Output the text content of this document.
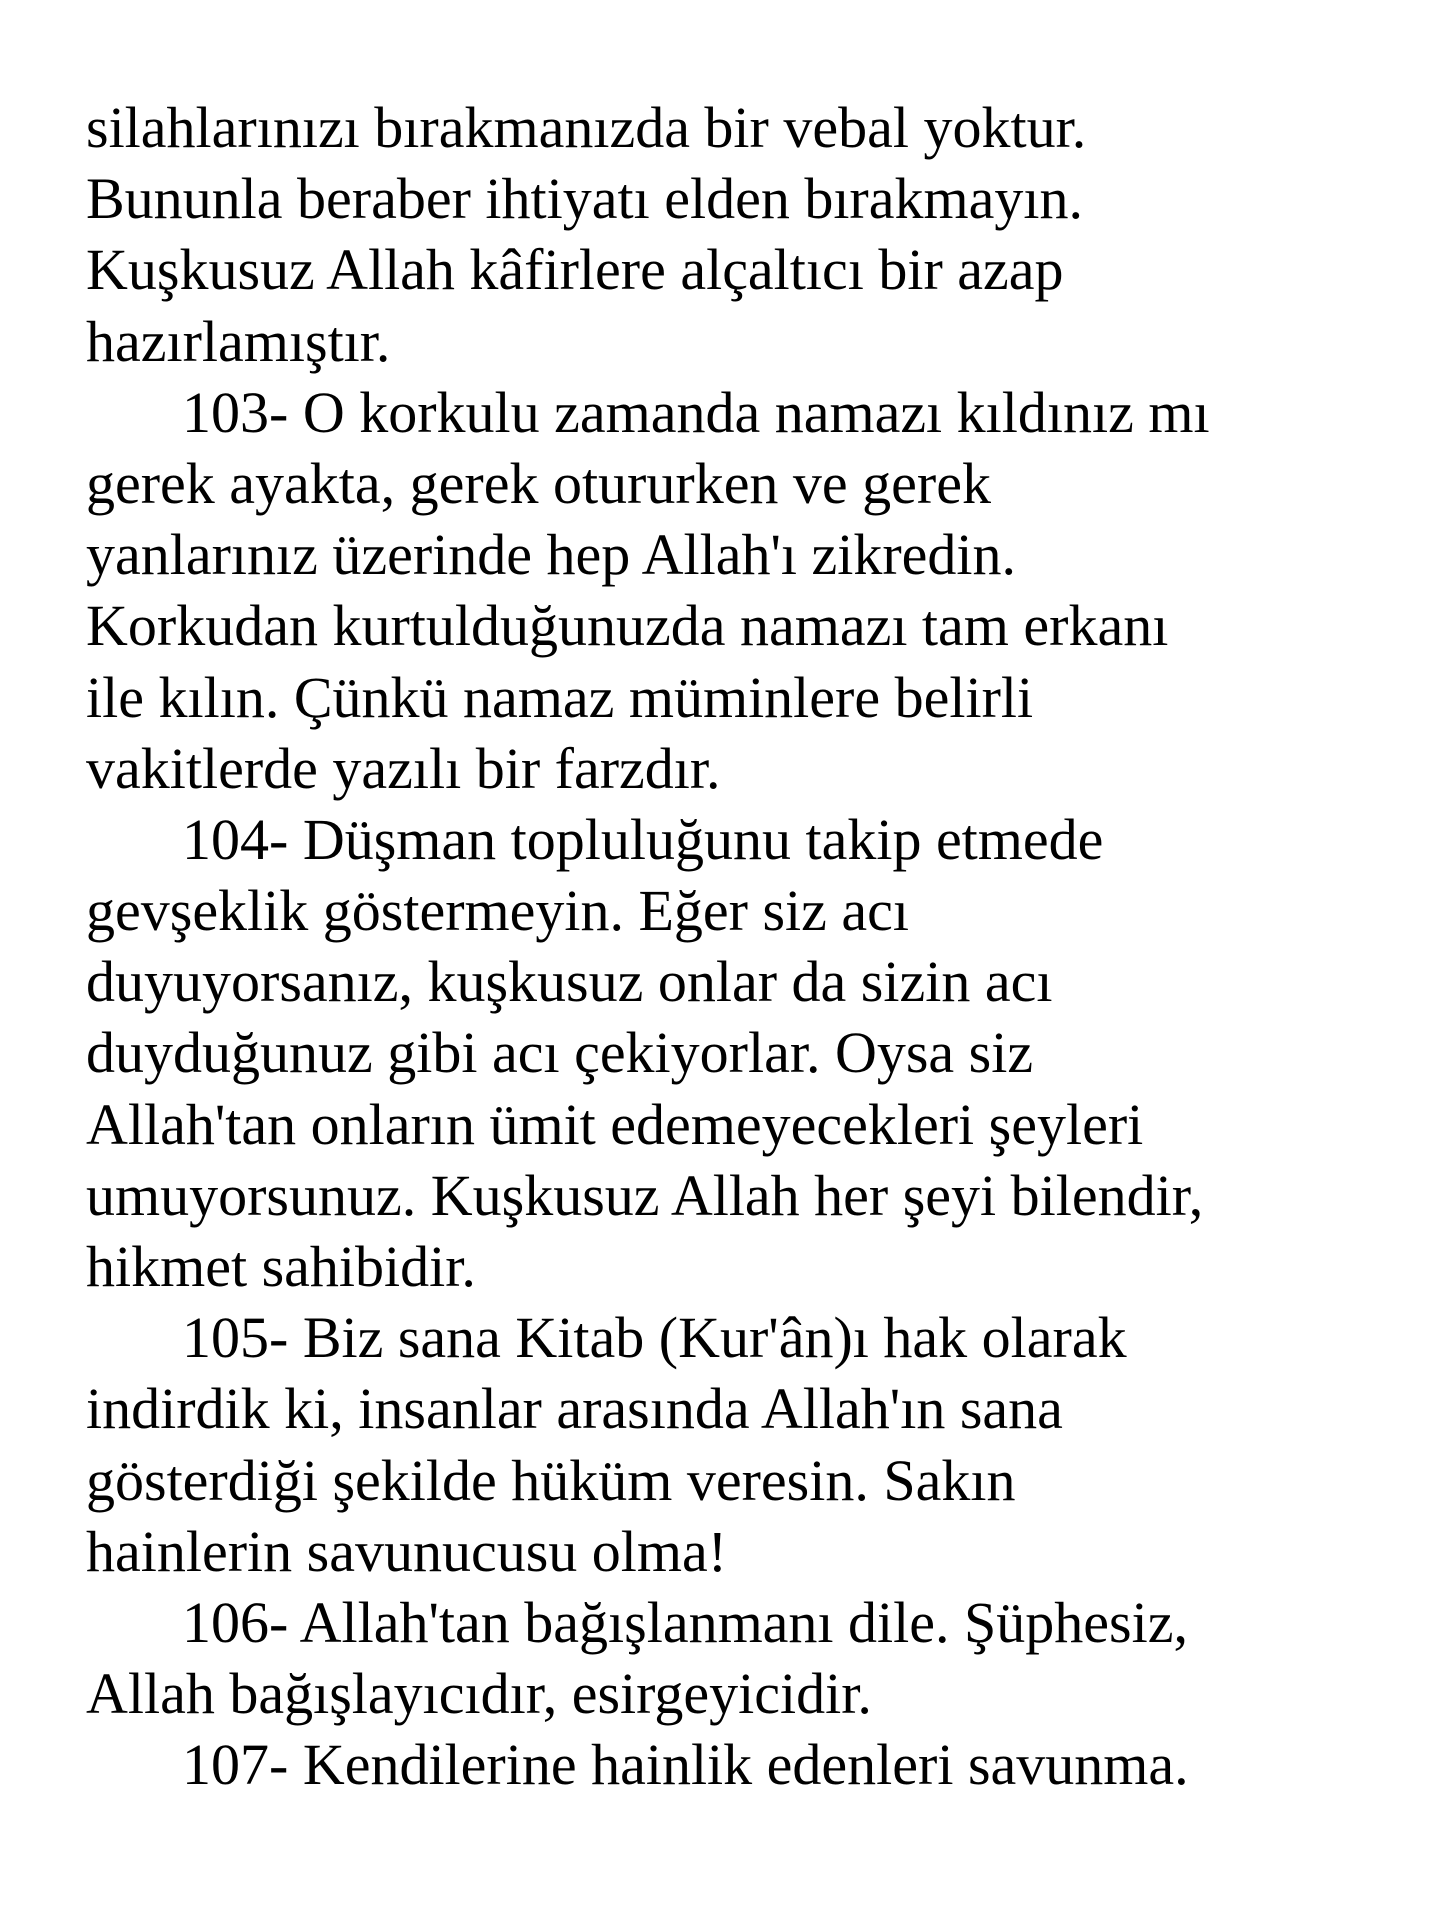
silahlarınızı bırakmanızda bir vebal yoktur.
Bununla beraber ihtiyatı elden bırakmayın.
Kuşkusuz Allah kâfirlere alçaltıcı bir azap
hazırlamıştır.
103- O korkulu zamanda namazı kıldınız mı
gerek ayakta, gerek otururken ve gerek
yanlarınız üzerinde hep Allah'ı zikredin.
Korkudan kurtulduğunuzda namazı tam erkanı
ile kılın. Çünkü namaz müminlere belirli
vakitlerde yazılı bir farzdır.
104- Düşman topluluğunu takip etmede
gevşeklik göstermeyin. Eğer siz acı
duyuyorsanız, kuşkusuz onlar da sizin acı
duyduğunuz gibi acı çekiyorlar. Oysa siz
Allah'tan onların ümit edemeyecekleri şeyleri
umuyorsunuz. Kuşkusuz Allah her şeyi bilendir,
hikmet sahibidir.
105- Biz sana Kitab (Kur'ân)ı hak olarak
indirdik ki, insanlar arasında Allah'ın sana
gösterdiği şekilde hüküm veresin. Sakın
hainlerin savunucusu olma!
106- Allah'tan bağışlanmanı dile. Şüphesiz,
Allah bağışlayıcıdır, esirgeyicidir.
107- Kendilerine hainlik edenleri savunma.
